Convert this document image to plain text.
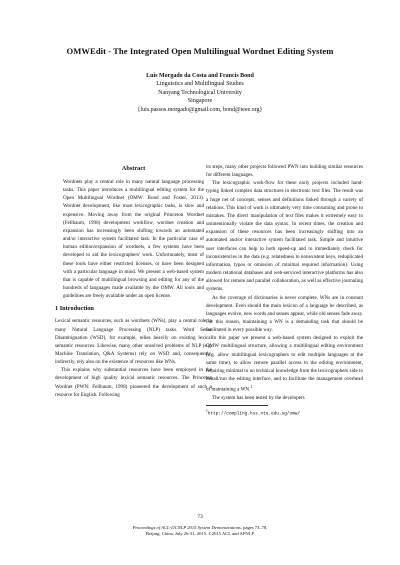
OMWEdit - The Integrated Open Multilingual Wordnet Editing System
Luís Morgado da Costa and Francis Bond
Linguistics and Multilingual Studies
Nanyang Technological University
Singapore
{luis.passos.morgado@gmail.com, bond@ieee.org}
Abstract

Wordnets play a central role in many natural language processing tasks. This paper introduces a multilingual editing system for the Open Multilingual Wordnet (OMW: Bond and Foster, 2013). Wordnet development, like most lexicographic tasks, is slow and expensive. Moving away from the original Princeton Wordnet (Fellbaum, 1998) development workflow, wordnet creation and expansion has increasingly been shifting towards an automated and/or interactive system facilitated task. In the particular case of human edition/expansion of wordnets, a few systems have been developed to aid the lexicographers' work. Unfortunately, most of these tools have either restricted licenses, or have been designed with a particular language in mind. We present a web-based system that is capable of multilingual browsing and editing for any of the hundreds of languages made available by the OMW. All tools and guidelines are freely available under an open license.

1 Introduction

Lexical semantic resources, such as wordnets (WNs), play a central role in many Natural Language Processing (NLP) tasks. Word Sense Disambiguation (WSD), for example, relies heavily on existing lexical semantic resources. Likewise, many other unsolved problems of NLP (e.g. Machine Translation, Q&A Systems) rely on WSD and, consequently, indirectly, rely also on the existence of resources like WNs.

This explains why substantial resources have been employed in the development of high quality lexical semantic resources. The Princeton Wordnet (PWN: Fellbaum, 1998) pioneered the development of such a resource for English. Following

its steps, many other projects followed PWN into building similar resources for different languages.

The lexicographic work-flow for these early projects included hand-typing linked complex data structures in electronic text files. The result was a huge net of concepts, senses and definitions linked through a variety of relations. This kind of work is ultimately very time consuming and prone to mistakes. The direct manipulation of text files makes it extremely easy to unintentionally violate the data syntax. In recent times, the creation and expansion of these resources has been increasingly shifting into an automated and/or interactive system facilitated task. Simple and intuitive user interfaces can help to both speed-up and to immediately check for inconsistencies in the data (e.g. relatedness to nonexistent keys, reduplicated information, typos or omission of minimal required information). Using modern relational databases and web-serviced interactive platforms has also allowed for remote and parallel collaboration, as well as effective journaling systems.

As the coverage of dictionaries is never complete, WNs are in constant development. Even should the main lexicon of a language be described, as languages evolve, new words and senses appear, while old senses fade away. For this reason, maintaining a WN is a demanding task that should be facilitated in every possible way.

In this paper we present a web-based system designed to exploit the OMW multilingual structure, allowing a multilingual editing environment (e.g. allow multilingual lexicographers to edit multiple languages at the same time), to allow remote parallel access to the editing environment, requiring minimal to no technical knowledge from the lexicographers side to install/run the editing interface, and to facilitate the management overhead of maintaining a WN.$^1$

The system has been tested by the developers

$^1$http://compling.hss.ntu.edu.sg/omw/
73
Proceedings of ACL-IJCNLP 2015 System Demonstrations, pages 73–78,
Beijing, China, July 26-31, 2015. ©2015 ACL and AFNLP
